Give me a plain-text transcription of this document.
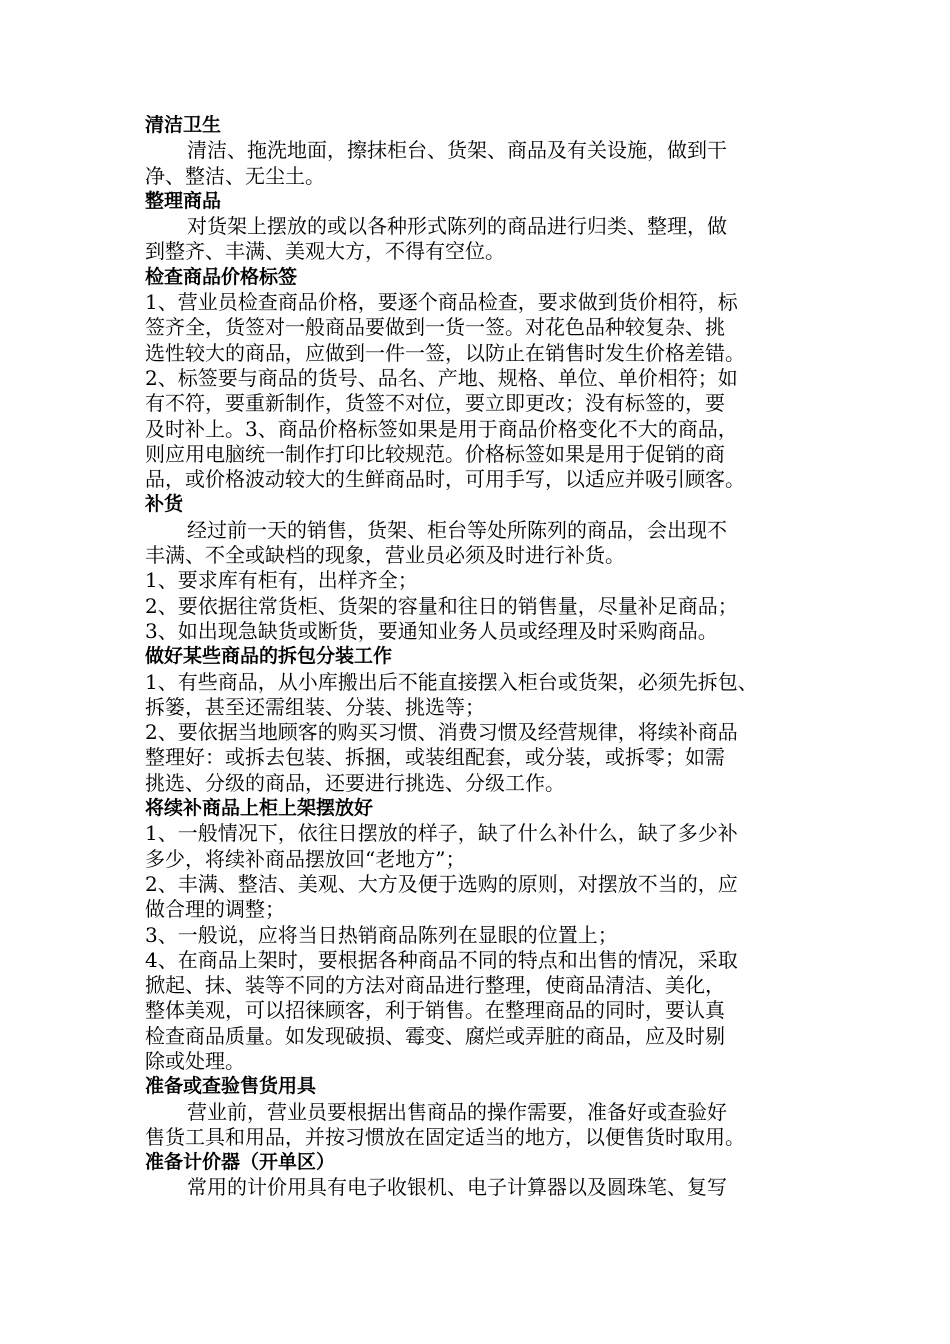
清洁卫生
清洁、拖洗地面，擦抹柜台、货架、商品及有关设施，做到干
净、整洁、无尘土。
整理商品
对货架上摆放的或以各种形式陈列的商品进行归类、整理，做
到整齐、丰满、美观大方，不得有空位。
检查商品价格标签
1、营业员检查商品价格，要逐个商品检查，要求做到货价相符，标
签齐全，货签对一般商品要做到一货一签。对花色品种较复杂、挑
选性较大的商品，应做到一件一签，以防止在销售时发生价格差错。
2、标签要与商品的货号、品名、产地、规格、单位、单价相符；如
有不符，要重新制作，货签不对位，要立即更改；没有标签的，要
及时补上。3、商品价格标签如果是用于商品价格变化不大的商品，
则应用电脑统一制作打印比较规范。价格标签如果是用于促销的商
品，或价格波动较大的生鲜商品时，可用手写，以适应并吸引顾客。
补货
经过前一天的销售，货架、柜台等处所陈列的商品，会出现不
丰满、不全或缺档的现象，营业员必须及时进行补货。
1、要求库有柜有，出样齐全；
2、要依据往常货柜、货架的容量和往日的销售量，尽量补足商品；
3、如出现急缺货或断货，要通知业务人员或经理及时采购商品。
做好某些商品的拆包分装工作
1、有些商品，从小库搬出后不能直接摆入柜台或货架，必须先拆包、
拆篓，甚至还需组装、分装、挑选等；
2、要依据当地顾客的购买习惯、消费习惯及经营规律，将续补商品
整理好：或拆去包装、拆捆，或装组配套，或分装，或拆零；如需
挑选、分级的商品，还要进行挑选、分级工作。
将续补商品上柜上架摆放好
1、一般情况下，依往日摆放的样子，缺了什么补什么，缺了多少补
多少，将续补商品摆放回“老地方”；
2、丰满、整洁、美观、大方及便于选购的原则，对摆放不当的，应
做合理的调整；
3、一般说，应将当日热销商品陈列在显眼的位置上；
4、在商品上架时，要根据各种商品不同的特点和出售的情况，采取
掀起、抹、装等不同的方法对商品进行整理，使商品清洁、美化，
整体美观，可以招徕顾客，利于销售。在整理商品的同时，要认真
检查商品质量。如发现破损、霉变、腐烂或弄脏的商品，应及时剔
除或处理。
准备或查验售货用具
营业前，营业员要根据出售商品的操作需要，准备好或查验好
售货工具和用品，并按习惯放在固定适当的地方，以便售货时取用。
准备计价器（开单区）
常用的计价用具有电子收银机、电子计算器以及圆珠笔、复写
